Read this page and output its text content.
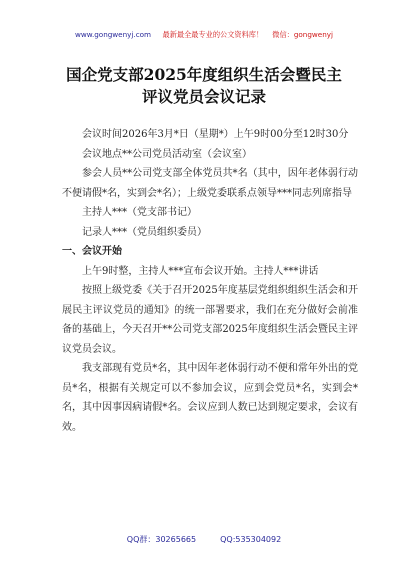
www.gongwenyj.com 最新最全最专业的公文资料库！ 微信：gongwenyj
国企党支部2025年度组织生活会暨民主
评议党员会议记录

会议时间2026年3月*日（星期*）上午9时00分至12时30分

会议地点**公司党员活动室（会议室）

参会人员**公司党支部全体党员共*名（其中，因年老体弱行动不便请假*名，实到会*名）；上级党委联系点领导***同志列席指导

主持人***（党支部书记）

记录人***（党员组织委员）

一、会议开始

上午9时整，主持人***宣布会议开始。主持人***讲话

按照上级党委《关于召开2025年度基层党组织组织生活会和开展民主评议党员的通知》的统一部署要求，我们在充分做好会前准备的基础上，今天召开**公司党支部2025年度组织生活会暨民主评议党员会议。

我支部现有党员*名，其中因年老体弱行动不便和常年外出的党员*名，根据有关规定可以不参加会议，应到会党员*名，实到会*名，其中因事因病请假*名。会议应到人数已达到规定要求，会议有效。

QQ群：30265665	QQ:535304092
